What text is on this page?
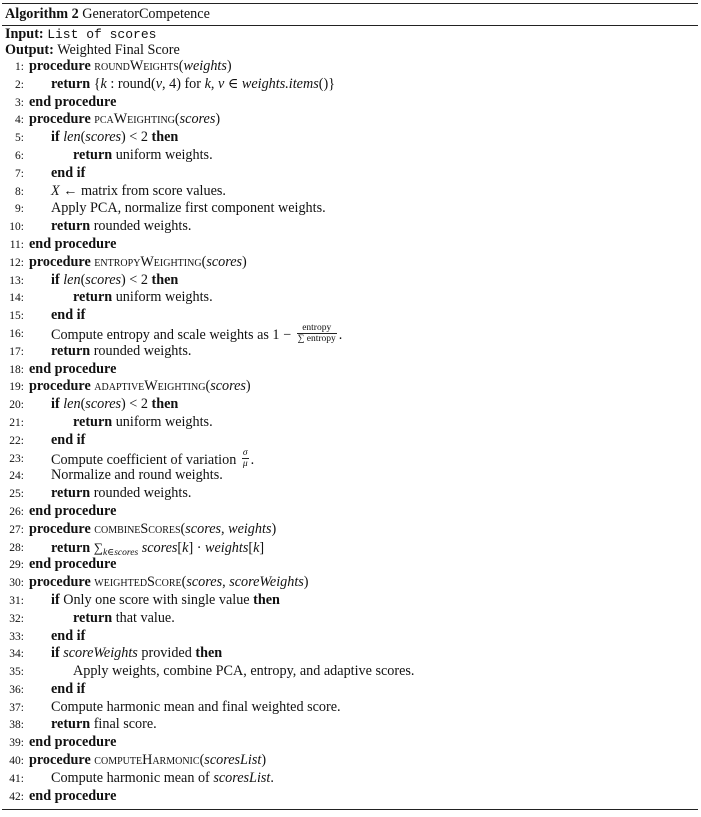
Algorithm 2 GeneratorCompetence
Input: List of scores
Output: Weighted Final Score
1: procedure roundWeights(weights)
2: return {k : round(v, 4) for k, v ∈ weights.items()}
3: end procedure
4: procedure pcaWeighting(scores)
5: if len(scores) < 2 then
6:	return uniform weights.
7: end if
8: X ← matrix from score values.
9: Apply PCA, normalize first component weights.
10: return rounded weights.
11: end procedure
12: procedure entropyWeighting(scores)
13: if len(scores) < 2 then
14:	return uniform weights.
15: end if
16: Compute entropy and scale weights as $1 - \frac{\text{entropy}}{\text{∑ entropy}}$ .
17: return rounded weights.
18: end procedure
19: procedure adaptiveWeighting(scores)
20: if len(scores) < 2 then
21:	return uniform weights.
22: end if
23: Compute coefficient of variation $\frac{\sigma}{\mu}$ .
24: Normalize and round weights.
25: return rounded weights.
26: end procedure
27: procedure combineScores(scores, weights)
28: return $\sum_{k\in scores}$ scores[k] · weights[k]
29: end procedure
30: procedure weightedScore(scores, scoreWeights)
31: if Only one score with single value then
32:	return that value.
33: end if
34: if scoreWeights provided then
35:	Apply weights, combine PCA, entropy, and adaptive scores.
36: end if
37: Compute harmonic mean and final weighted score.
38: return final score.
39: end procedure
40: procedure computeHarmonic(scoresList)
41: Compute harmonic mean of scoresList.
42: end procedure
